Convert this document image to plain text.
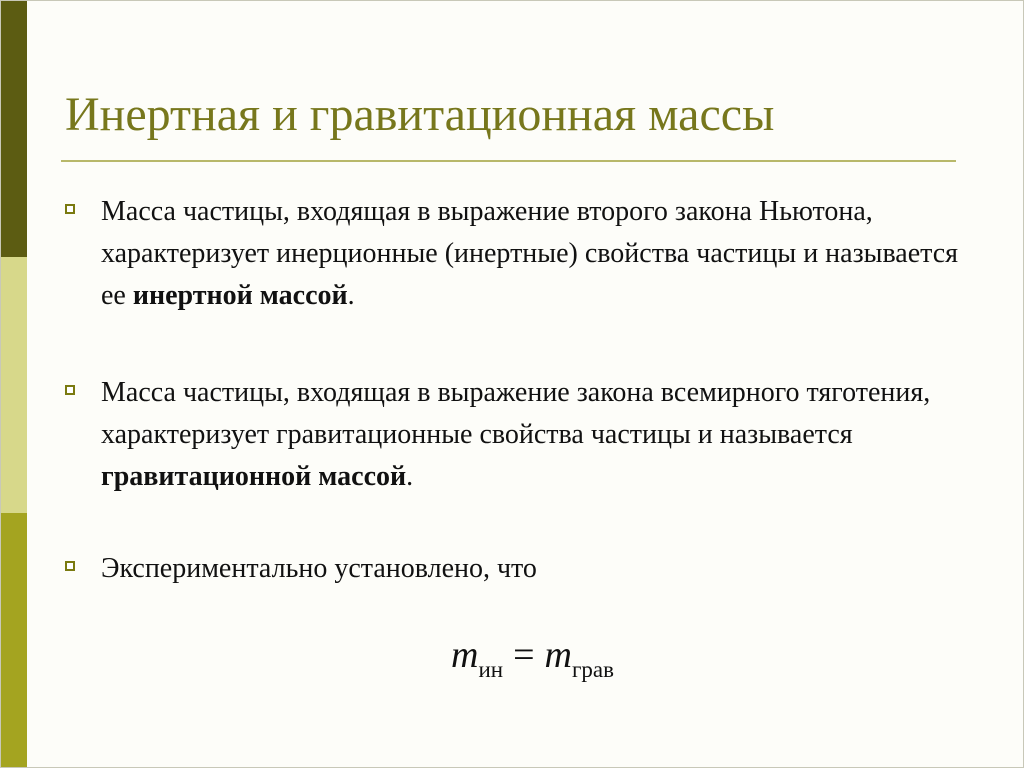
Инертная и гравитационная массы

Масса частицы, входящая в выражение второго закона Ньютона, характеризует инерционные (инертные) свойства частицы и называется ее инертной массой.

Масса частицы, входящая в выражение закона всемирного тяготения, характеризует гравитационные свойства частицы и называется гравитационной массой.

Экспериментально установлено, что

$m_{ин} = m_{грав}$
